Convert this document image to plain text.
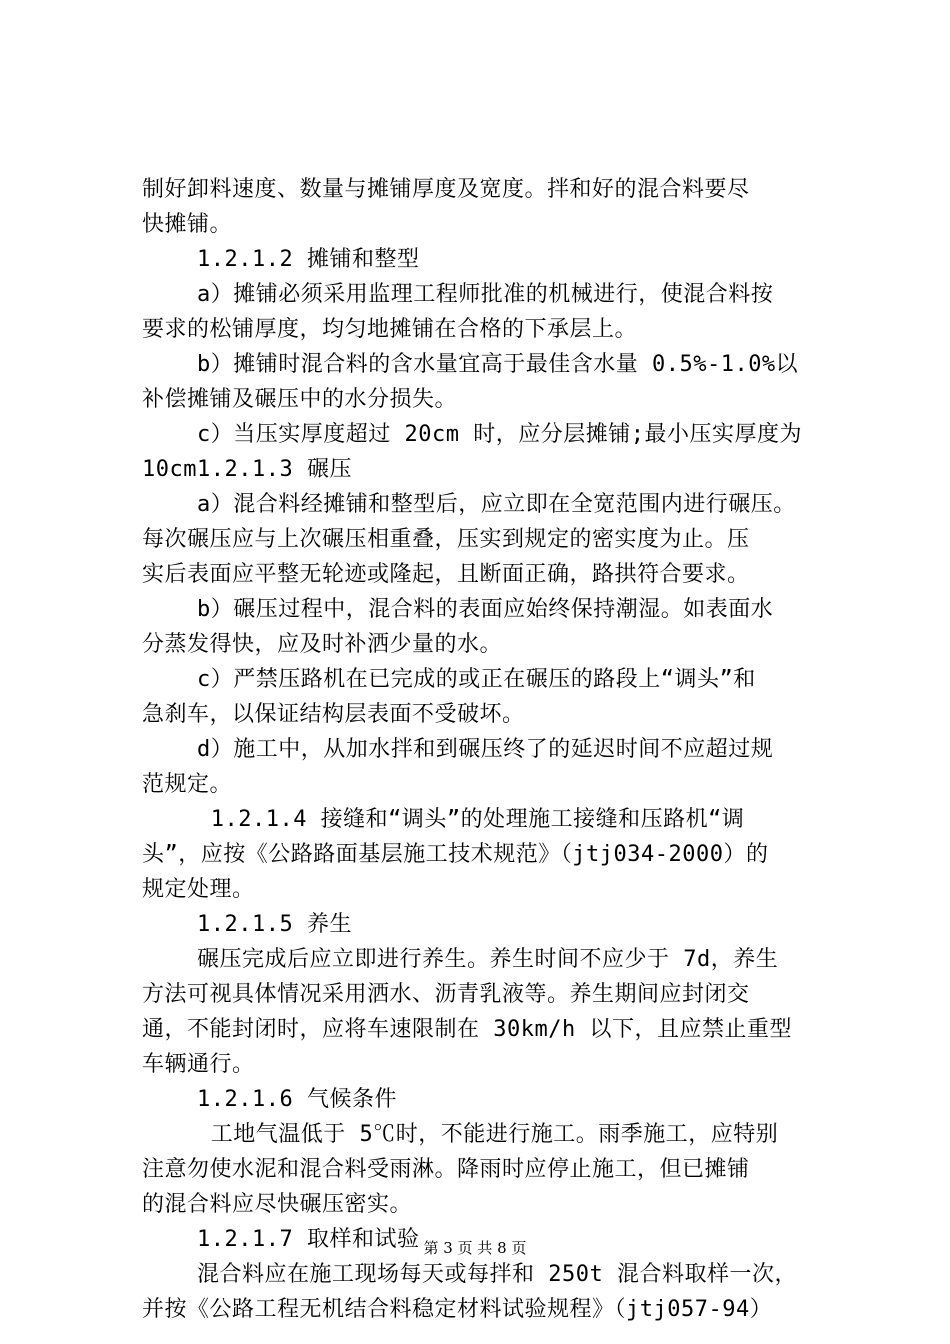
制好卸料速度、数量与摊铺厚度及宽度。拌和好的混合料要尽
快摊铺。
1.2.1.2 摊铺和整型
a）摊铺必须采用监理工程师批准的机械进行，使混合料按
要求的松铺厚度，均匀地摊铺在合格的下承层上。
b）摊铺时混合料的含水量宜高于最佳含水量 0.5%-1.0%以
补偿摊铺及碾压中的水分损失。
c）当压实厚度超过 20cm 时，应分层摊铺;最小压实厚度为
10cm1.2.1.3 碾压
a）混合料经摊铺和整型后，应立即在全宽范围内进行碾压。
每次碾压应与上次碾压相重叠，压实到规定的密实度为止。压
实后表面应平整无轮迹或隆起，且断面正确，路拱符合要求。
b）碾压过程中，混合料的表面应始终保持潮湿。如表面水
分蒸发得快，应及时补洒少量的水。
c）严禁压路机在已完成的或正在碾压的路段上“调头”和
急刹车，以保证结构层表面不受破坏。
d）施工中，从加水拌和到碾压终了的延迟时间不应超过规
范规定。
1.2.1.4 接缝和“调头”的处理施工接缝和压路机“调
头”，应按《公路路面基层施工技术规范》（jtj034-2000）的
规定处理。
1.2.1.5 养生
碾压完成后应立即进行养生。养生时间不应少于 7d，养生
方法可视具体情况采用洒水、沥青乳液等。养生期间应封闭交
通，不能封闭时，应将车速限制在 30km/h 以下，且应禁止重型
车辆通行。
1.2.1.6 气候条件
工地气温低于 5℃时，不能进行施工。雨季施工，应特别
注意勿使水泥和混合料受雨淋。降雨时应停止施工，但已摊铺
的混合料应尽快碾压密实。
1.2.1.7 取样和试验
混合料应在施工现场每天或每拌和 250t 混合料取样一次，
并按《公路工程无机结合料稳定材料试验规程》（jtj057-94）
第 3 页 共 8 页
